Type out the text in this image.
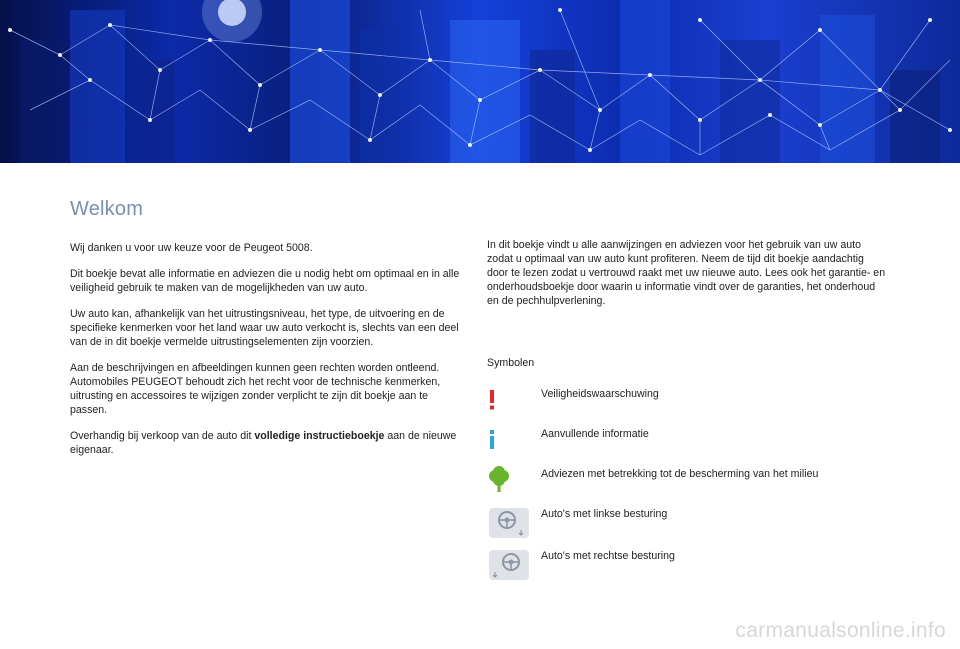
Welkom

Wij danken u voor uw keuze voor de Peugeot 5008.

Dit boekje bevat alle informatie en adviezen die u nodig hebt om optimaal en in alle veiligheid gebruik te maken van de mogelijkheden van uw auto.

Uw auto kan, afhankelijk van het uitrustingsniveau, het type, de uitvoering en de specifieke kenmerken voor het land waar uw auto verkocht is, slechts van een deel van de in dit boekje vermelde uitrustingselementen zijn voorzien.

Aan de beschrijvingen en afbeeldingen kunnen geen rechten worden ontleend. Automobiles PEUGEOT behoudt zich het recht voor de technische kenmerken, uitrusting en accessoires te wijzigen zonder verplicht te zijn dit boekje aan te passen.

Overhandig bij verkoop van de auto dit volledige instructieboekje aan de nieuwe eigenaar.

In dit boekje vindt u alle aanwijzingen en adviezen voor het gebruik van uw auto zodat u optimaal van uw auto kunt profiteren. Neem de tijd dit boekje aandachtig door te lezen zodat u vertrouwd raakt met uw nieuwe auto. Lees ook het garantie- en onderhoudsboekje door waarin u informatie vindt over de garanties, het onderhoud en de pechhulpverlening.

Symbolen
Veiligheidswaarschuwing
Aanvullende informatie
Adviezen met betrekking tot de bescherming van het milieu
Auto's met linkse besturing
Auto's met rechtse besturing
carmanualsonline.info
